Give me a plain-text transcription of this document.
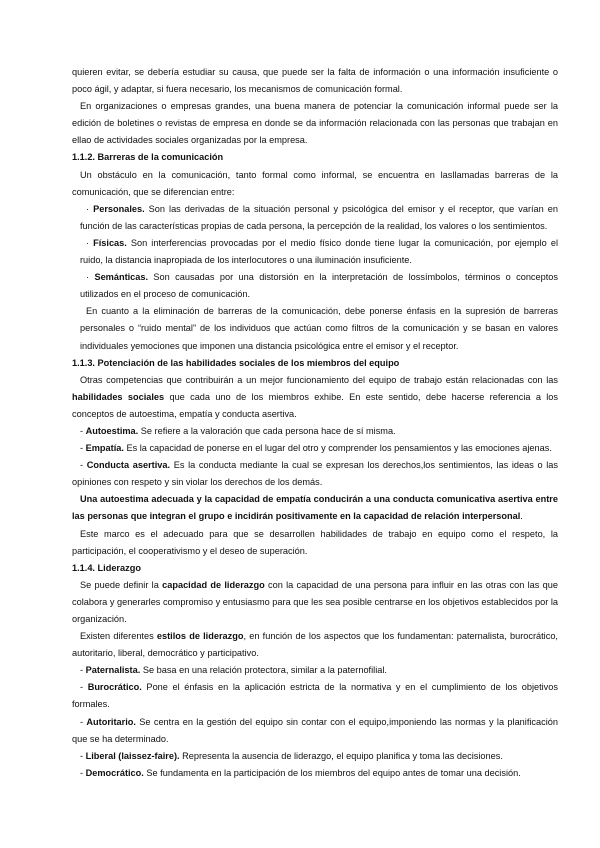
quieren evitar, se debería estudiar su causa, que puede ser la falta de información o una información insuficiente o poco ágil, y adaptar, si fuera necesario, los mecanismos de comunicación formal.

En organizaciones o empresas grandes, una buena manera de potenciar la comunicación informal puede ser la edición de boletines o revistas de empresa en donde se da información relacionada con las personas que trabajan en ellao de actividades sociales organizadas por la empresa.

1.1.2. Barreras de la comunicación

Un obstáculo en la comunicación, tanto formal como informal, se encuentra en lasllamadas barreras de la comunicación, que se diferencian entre:

· Personales. Son las derivadas de la situación personal y psicológica del emisor y el receptor, que varían en función de las características propias de cada persona, la percepción de la realidad, los valores o los sentimientos.

· Físicas. Son interferencias provocadas por el medio físico donde tiene lugar la comunicación, por ejemplo el ruido, la distancia inapropiada de los interlocutores o una iluminación insuficiente.

· Semánticas. Son causadas por una distorsión en la interpretación de lossímbolos, términos o conceptos utilizados en el proceso de comunicación.

En cuanto a la eliminación de barreras de la comunicación, debe ponerse énfasis en la supresión de barreras personales o “ruido mental” de los individuos que actúan como filtros de la comunicación y se basan en valores individuales yemociones que imponen una distancia psicológica entre el emisor y el receptor.

1.1.3. Potenciación de las habilidades sociales de los miembros del equipo

Otras competencias que contribuirán a un mejor funcionamiento del equipo de trabajo están relacionadas con las habilidades sociales que cada uno de los miembros exhibe. En este sentido, debe hacerse referencia a los conceptos de autoestima, empatía y conducta asertiva.

- Autoestima. Se refiere a la valoración que cada persona hace de sí misma.

- Empatía. Es la capacidad de ponerse en el lugar del otro y comprender los pensamientos y las emociones ajenas.

- Conducta asertiva. Es la conducta mediante la cual se expresan los derechos,los sentimientos, las ideas o las opiniones con respeto y sin violar los derechos de los demás.

Una autoestima adecuada y la capacidad de empatía conducirán a una conducta comunicativa asertiva entre las personas que integran el grupo e incidirán positivamente en la capacidad de relación interpersonal.

Este marco es el adecuado para que se desarrollen habilidades de trabajo en equipo como el respeto, la participación, el cooperativismo y el deseo de superación.

1.1.4. Liderazgo

Se puede definir la capacidad de liderazgo con la capacidad de una persona para influir en las otras con las que colabora y generarles compromiso y entusiasmo para que les sea posible centrarse en los objetivos establecidos por la organización.

Existen diferentes estilos de liderazgo, en función de los aspectos que los fundamentan: paternalista, burocrático, autoritario, liberal, democrático y participativo.

- Paternalista. Se basa en una relación protectora, similar a la paternofilial.

- Burocrático. Pone el énfasis en la aplicación estricta de la normativa y en el cumplimiento de los objetivos formales.

- Autoritario. Se centra en la gestión del equipo sin contar con el equipo,imponiendo las normas y la planificación que se ha determinado.

- Liberal (laissez-faire). Representa la ausencia de liderazgo, el equipo planifica y toma las decisiones.

- Democrático. Se fundamenta en la participación de los miembros del equipo antes de tomar una decisión.
